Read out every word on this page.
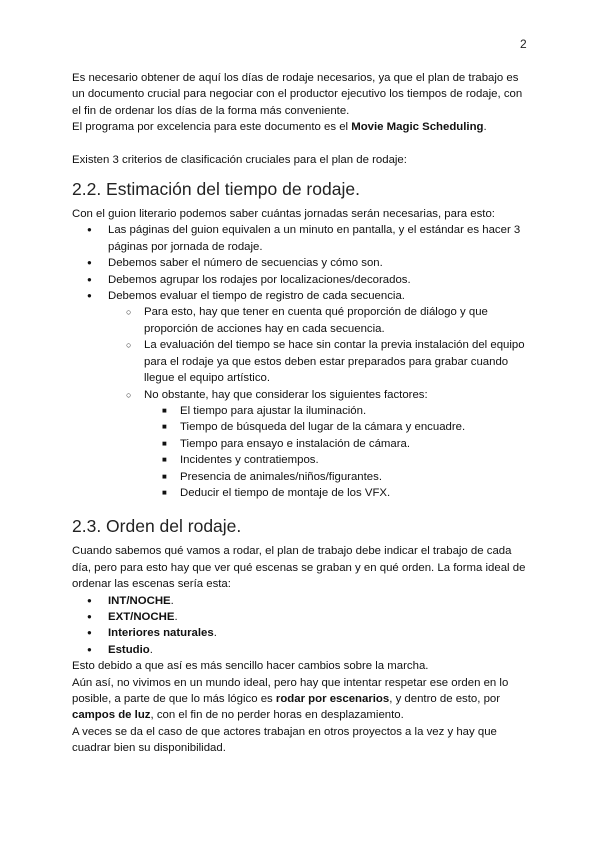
2

Es necesario obtener de aquí los días de rodaje necesarios, ya que el plan de trabajo es un documento crucial para negociar con el productor ejecutivo los tiempos de rodaje, con el fin de ordenar los días de la forma más conveniente.

El programa por excelencia para este documento es el Movie Magic Scheduling.

Existen 3 criterios de clasificación cruciales para el plan de rodaje:

2.2. Estimación del tiempo de rodaje.

Con el guion literario podemos saber cuántas jornadas serán necesarias, para esto:

● Las páginas del guion equivalen a un minuto en pantalla, y el estándar es hacer 3 páginas por jornada de rodaje.
● Debemos saber el número de secuencias y cómo son.
● Debemos agrupar los rodajes por localizaciones/decorados.
● Debemos evaluar el tiempo de registro de cada secuencia.
○ Para esto, hay que tener en cuenta qué proporción de diálogo y que proporción de acciones hay en cada secuencia.
○ La evaluación del tiempo se hace sin contar la previa instalación del equipo para el rodaje ya que estos deben estar preparados para grabar cuando llegue el equipo artístico.
○ No obstante, hay que considerar los siguientes factores:
■ El tiempo para ajustar la iluminación.
■ Tiempo de búsqueda del lugar de la cámara y encuadre.
■ Tiempo para ensayo e instalación de cámara.
■ Incidentes y contratiempos.
■ Presencia de animales/niños/figurantes.
■ Deducir el tiempo de montaje de los VFX.
2.3. Orden del rodaje.

Cuando sabemos qué vamos a rodar, el plan de trabajo debe indicar el trabajo de cada día, pero para esto hay que ver qué escenas se graban y en qué orden. La forma ideal de ordenar las escenas sería esta:

● INT/NOCHE.
● EXT/NOCHE.
● Interiores naturales.
● Estudio.

Esto debido a que así es más sencillo hacer cambios sobre la marcha.

Aún así, no vivimos en un mundo ideal, pero hay que intentar respetar ese orden en lo posible, a parte de que lo más lógico es rodar por escenarios, y dentro de esto, por campos de luz, con el fin de no perder horas en desplazamiento.

A veces se da el caso de que actores trabajan en otros proyectos a la vez y hay que cuadrar bien su disponibilidad.
